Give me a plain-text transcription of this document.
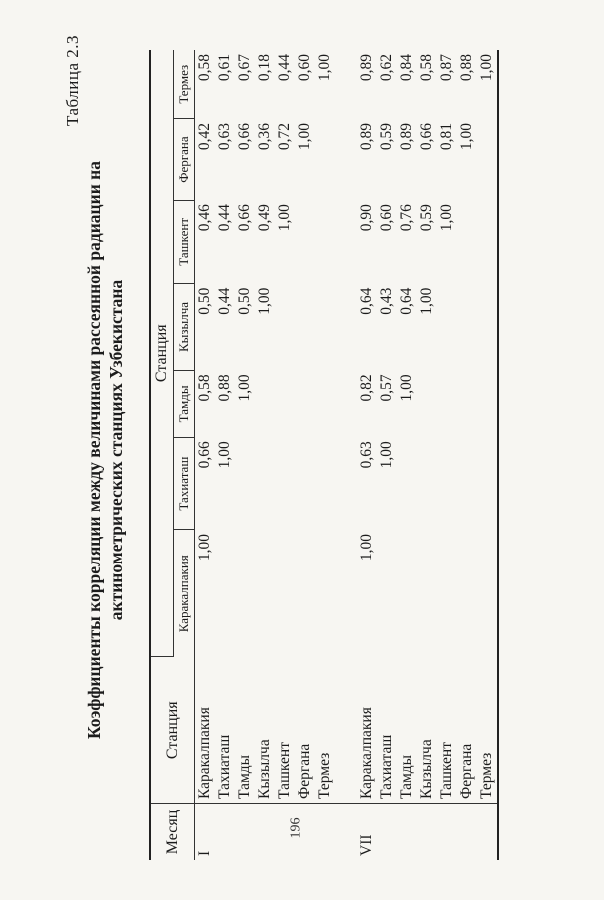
Таблица 2.3
Коэффициенты корреляции между величинами рассеянной радиации на актинометрических станциях Узбекистана
Месяц	Станция	Станция						
		Каракалпакия	Тахиаташ	Тамды	Кызылча	Ташкент	Фергана	Термез
I	Каракалпакия	1,00	0,66	0,58	0,50	0,46	0,42	0,58
	Тахиаташ		1,00	0,88	0,44	0,44	0,63	0,61
	Тамды			1,00	0,50	0,66	0,66	0,67
	Кызылча				1,00	0,49	0,36	0,18
	Ташкент					1,00	0,72	0,44
	Фергана						1,00	0,60
	Термез							1,00

VII	Каракалпакия	1,00	0,63	0,82	0,64	0,90	0,89	0,89
	Тахиаташ		1,00	0,57	0,43	0,60	0,59	0,62
	Тамды			1,00	0,64	0,76	0,89	0,84
	Кызылча				1,00	0,59	0,66	0,58
	Ташкент					1,00	0,81	0,87
	Фергана						1,00	0,88
	Термез							1,00
196
